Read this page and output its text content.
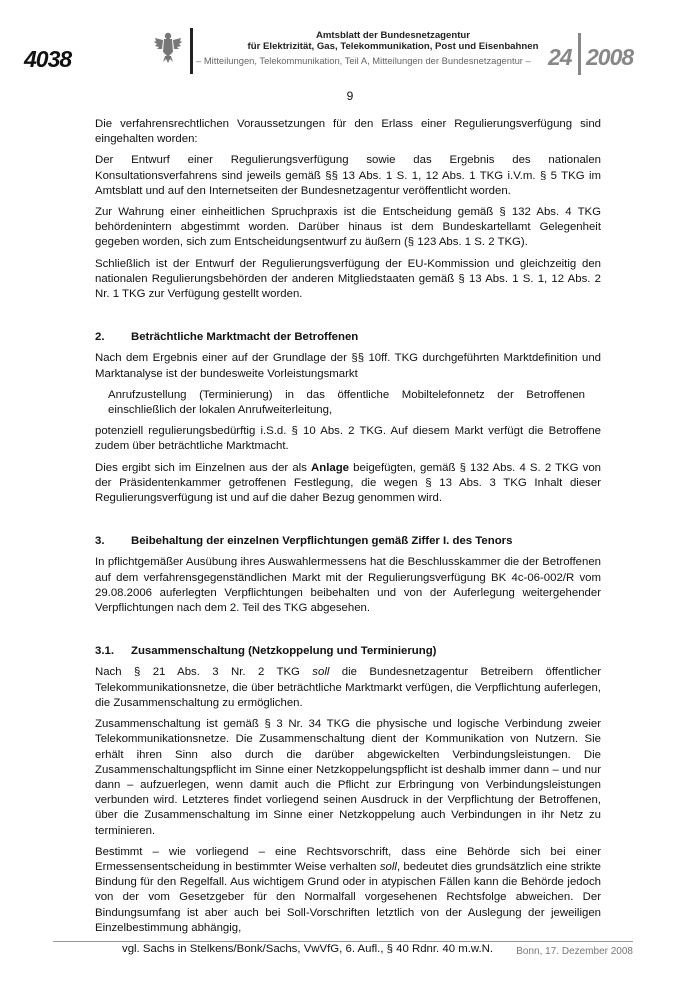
4038
Amtsblatt der Bundesnetzagentur
für Elektrizität, Gas, Telekommunikation, Post und Eisenbahnen
– Mitteilungen, Telekommunikation, Teil A, Mitteilungen der Bundesnetzagentur – 24 2008
9

Die verfahrensrechtlichen Voraussetzungen für den Erlass einer Regulierungsverfügung sind eingehalten worden:

Der Entwurf einer Regulierungsverfügung sowie das Ergebnis des nationalen Konsultationsverfahrens sind jeweils gemäß §§ 13 Abs. 1 S. 1, 12 Abs. 1 TKG i.V.m. § 5 TKG im Amtsblatt und auf den Internetseiten der Bundesnetzagentur veröffentlicht worden.

Zur Wahrung einer einheitlichen Spruchpraxis ist die Entscheidung gemäß § 132 Abs. 4 TKG behördenintern abgestimmt worden. Darüber hinaus ist dem Bundeskartellamt Gelegenheit gegeben worden, sich zum Entscheidungsentwurf zu äußern (§ 123 Abs. 1 S. 2 TKG).

Schließlich ist der Entwurf der Regulierungsverfügung der EU-Kommission und gleichzeitig den nationalen Regulierungsbehörden der anderen Mitgliedstaaten gemäß § 13 Abs. 1 S. 1, 12 Abs. 2 Nr. 1 TKG zur Verfügung gestellt worden.

2.	Beträchtliche Marktmacht der Betroffenen

Nach dem Ergebnis einer auf der Grundlage der §§ 10ff. TKG durchgeführten Marktdefinition und Marktanalyse ist der bundesweite Vorleistungsmarkt

Anrufzustellung (Terminierung) in das öffentliche Mobiltelefonnetz der Betroffenen einschließlich der lokalen Anrufweiterleitung,

potenziell regulierungsbedürftig i.S.d. § 10 Abs. 2 TKG. Auf diesem Markt verfügt die Betroffene zudem über beträchtliche Marktmacht.

Dies ergibt sich im Einzelnen aus der als Anlage beigefügten, gemäß § 132 Abs. 4 S. 2 TKG von der Präsidentenkammer getroffenen Festlegung, die wegen § 13 Abs. 3 TKG Inhalt dieser Regulierungsverfügung ist und auf die daher Bezug genommen wird.

3.	Beibehaltung der einzelnen Verpflichtungen gemäß Ziffer I. des Tenors

In pflichtgemäßer Ausübung ihres Auswahlermessens hat die Beschlusskammer die der Betroffenen auf dem verfahrensgegenständlichen Markt mit der Regulierungsverfügung BK 4c-06-002/R vom 29.08.2006 auferlegten Verpflichtungen beibehalten und von der Auferlegung weitergehender Verpflichtungen nach dem 2. Teil des TKG abgesehen.

3.1.	Zusammenschaltung (Netzkoppelung und Terminierung)

Nach § 21 Abs. 3 Nr. 2 TKG soll die Bundesnetzagentur Betreibern öffentlicher Telekommunikationsnetze, die über beträchtliche Marktmarkt verfügen, die Verpflichtung auferlegen, die Zusammenschaltung zu ermöglichen.

Zusammenschaltung ist gemäß § 3 Nr. 34 TKG die physische und logische Verbindung zweier Telekommunikationsnetze. Die Zusammenschaltung dient der Kommunikation von Nutzern. Sie erhält ihren Sinn also durch die darüber abgewickelten Verbindungsleistungen. Die Zusammenschaltungspflicht im Sinne einer Netzkoppelungspflicht ist deshalb immer dann – und nur dann – aufzuerlegen, wenn damit auch die Pflicht zur Erbringung von Verbindungsleistungen verbunden wird. Letzteres findet vorliegend seinen Ausdruck in der Verpflichtung der Betroffenen, über die Zusammenschaltung im Sinne einer Netzkoppelung auch Verbindungen in ihr Netz zu terminieren.

Bestimmt – wie vorliegend – eine Rechtsvorschrift, dass eine Behörde sich bei einer Ermessensentscheidung in bestimmter Weise verhalten soll, bedeutet dies grundsätzlich eine strikte Bindung für den Regelfall. Aus wichtigem Grund oder in atypischen Fällen kann die Behörde jedoch von der vom Gesetzgeber für den Normalfall vorgesehenen Rechtsfolge abweichen. Der Bindungsumfang ist aber auch bei Soll-Vorschriften letztlich von der Auslegung der jeweiligen Einzelbestimmung abhängig,

vgl. Sachs in Stelkens/Bonk/Sachs, VwVfG, 6. Aufl., § 40 Rdnr. 40 m.w.N.	Bonn, 17. Dezember 2008
